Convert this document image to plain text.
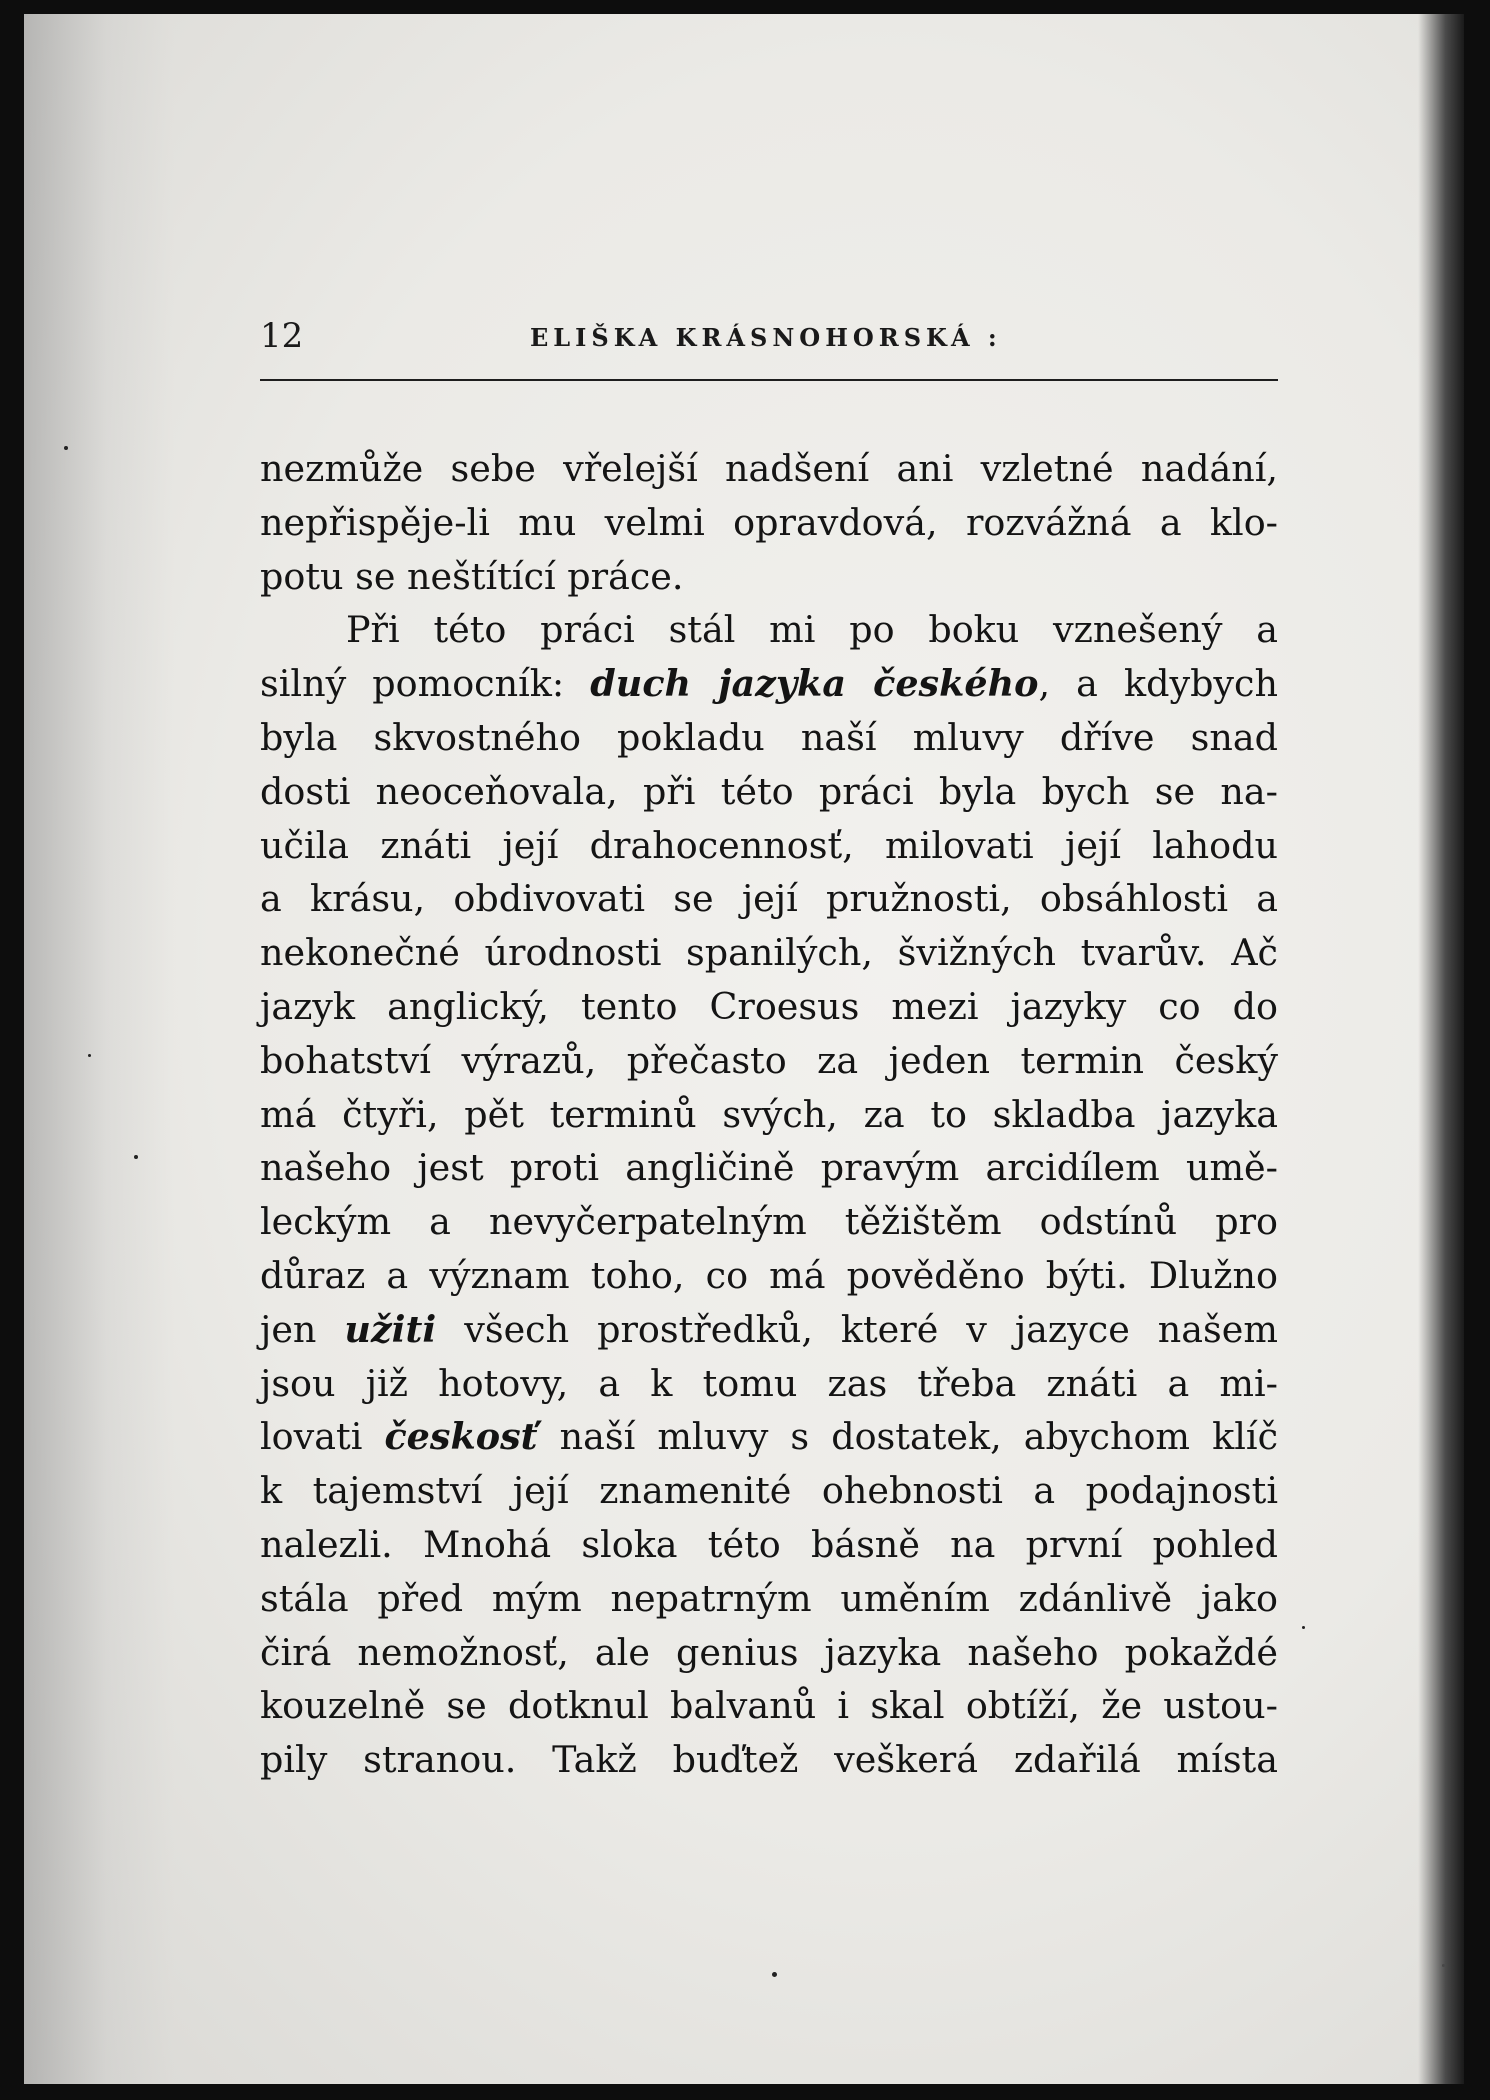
12	ELIŠKA KRÁSNOHORSKÁ :
nezmůže sebe vřelejší nadšení ani vzletné nadání,
nepřispěje-li mu velmi opravdová, rozvážná a klo-
potu se neštítící práce.
Při této práci stál mi po boku vznešený a
silný pomocník: duch jazyka českého, a kdybych
byla skvostného pokladu naší mluvy dříve snad
dosti neoceňovala, při této práci byla bych se na-
učila znáti její drahocennosť, milovati její lahodu
a krásu, obdivovati se její pružnosti, obsáhlosti a
nekonečné úrodnosti spanilých, švižných tvarův. Ač
jazyk anglický, tento Croesus mezi jazyky co do
bohatství výrazů, přečasto za jeden termin český
má čtyři, pět terminů svých, za to skladba jazyka
našeho jest proti angličině pravým arcidílem umě-
leckým a nevyčerpatelným těžištěm odstínů pro
důraz a význam toho, co má pověděno býti. Dlužno
jen užiti všech prostředků, které v jazyce našem
jsou již hotovy, a k tomu zas třeba znáti a mi-
lovati českosť naší mluvy s dostatek, abychom klíč
k tajemství její znamenité ohebnosti a podajnosti
nalezli. Mnohá sloka této básně na první pohled
stála před mým nepatrným uměním zdánlivě jako
čirá nemožnosť, ale genius jazyka našeho pokaždé
kouzelně se dotknul balvanů i skal obtíží, že ustou-
pily stranou. Takž buďtež veškerá zdařilá místa
